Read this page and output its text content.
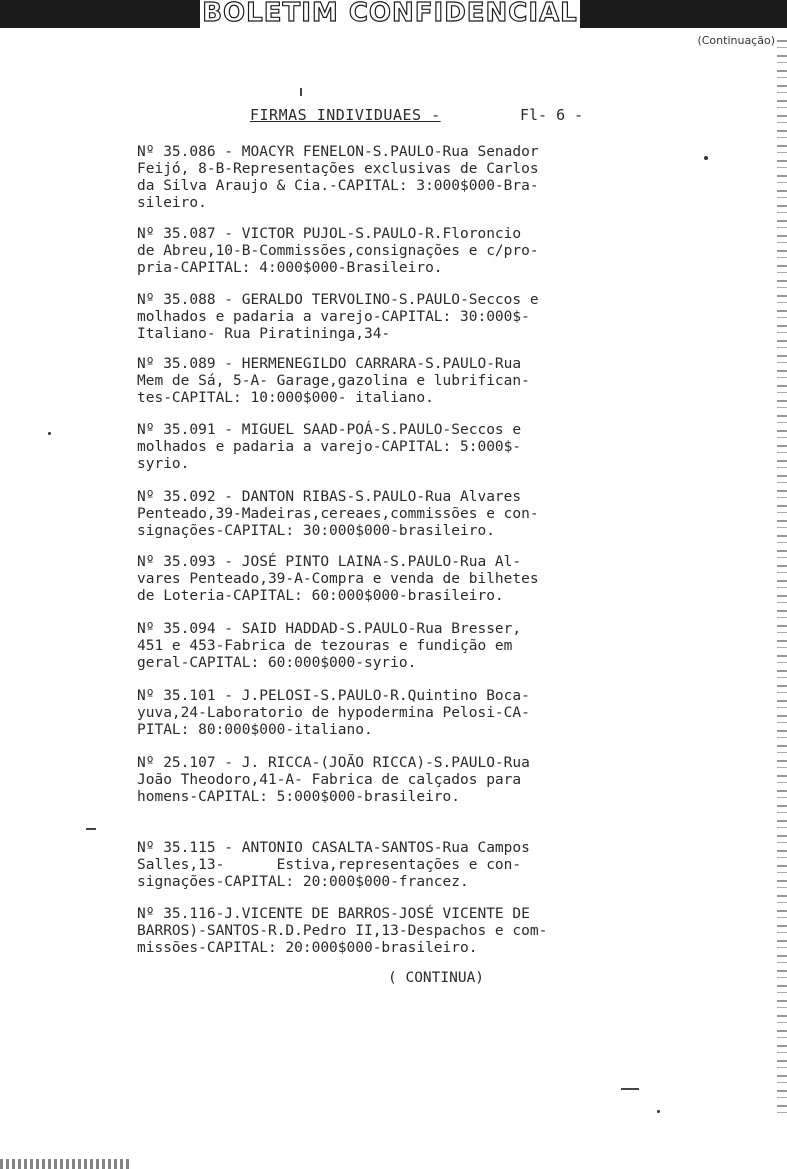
BOLETIM CONFIDENCIAL
(Continuação)
FIRMAS INDIVIDUAES -	Fl- 6 -
Nº 35.086 - MOACYR FENELON-S.PAULO-Rua Senador
Feijó, 8-B-Representações exclusivas de Carlos
da Silva Araujo & Cia.-CAPITAL: 3:000$000-Bra-
sileiro.
Nº 35.087 - VICTOR PUJOL-S.PAULO-R.Floroncio
de Abreu,10-B-Commissões,consignações e c/pro-
pria-CAPITAL: 4:000$000-Brasileiro.
Nº 35.088 - GERALDO TERVOLINO-S.PAULO-Seccos e
molhados e padaria a varejo-CAPITAL: 30:000$-
Italiano- Rua Piratininga,34-
Nº 35.089 - HERMENEGILDO CARRARA-S.PAULO-Rua
Mem de Sá, 5-A- Garage,gazolina e lubrifican-
tes-CAPITAL: 10:000$000- italiano.
Nº 35.091 - MIGUEL SAAD-POÁ-S.PAULO-Seccos e
molhados e padaria a varejo-CAPITAL: 5:000$-
syrio.
Nº 35.092 - DANTON RIBAS-S.PAULO-Rua Alvares
Penteado,39-Madeiras,cereaes,commissões e con-
signações-CAPITAL: 30:000$000-brasileiro.
Nº 35.093 - JOSÉ PINTO LAINA-S.PAULO-Rua Al-
vares Penteado,39-A-Compra e venda de bilhetes
de Loteria-CAPITAL: 60:000$000-brasileiro.
Nº 35.094 - SAID HADDAD-S.PAULO-Rua Bresser,
451 e 453-Fabrica de tezouras e fundição em
geral-CAPITAL: 60:000$000-syrio.
Nº 35.101 - J.PELOSI-S.PAULO-R.Quintino Boca-
yuva,24-Laboratorio de hypodermina Pelosi-CA-
PITAL: 80:000$000-italiano.
Nº 25.107 - J. RICCA-(JOÃO RICCA)-S.PAULO-Rua
João Theodoro,41-A- Fabrica de calçados para
homens-CAPITAL: 5:000$000-brasileiro.
Nº 35.115 - ANTONIO CASALTA-SANTOS-Rua Campos
Salles,13-      Estiva,representações e con-
signações-CAPITAL: 20:000$000-francez.
Nº 35.116-J.VICENTE DE BARROS-JOSÉ VICENTE DE
BARROS)-SANTOS-R.D.Pedro II,13-Despachos e com-
missões-CAPITAL: 20:000$000-brasileiro.
( CONTINUA)
